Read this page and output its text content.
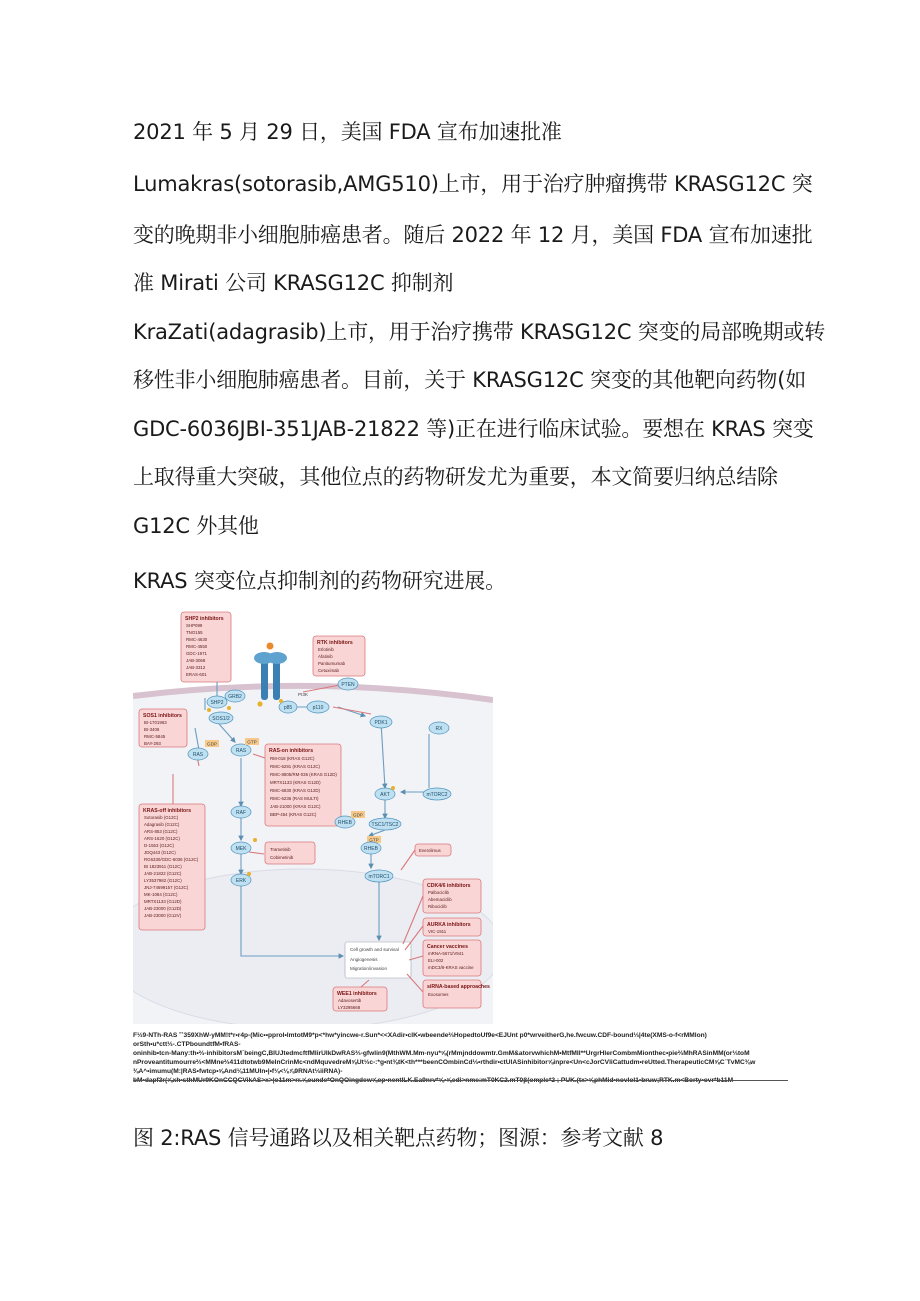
2021 年 5 月 29 日，美国 FDA 宣布加速批准
Lumakras(sotorasib,AMG510)上市，用于治疗肿瘤携带 KRASG12C 突
变的晚期非小细胞肺癌患者。随后 2022 年 12 月，美国 FDA 宣布加速批
准 Mirati 公司 KRASG12C 抑制剂
KraZati(adagrasib)上市，用于治疗携带 KRASG12C 突变的局部晚期或转
移性非小细胞肺癌患者。目前，关于 KRASG12C 突变的其他靶向药物(如
GDC-6036JBI-351JAB-21822 等)正在进行临床试验。要想在 KRAS 突变
上取得重大突破，其他位点的药物研发尤为重要，本文简要归纳总结除
G12C 外其他
KRAS 突变位点抑制剂的药物研究进展。
SHP2 inhibitors
SHP099
TNO155
RMC-4630
RMC-4550
GDC-1971
JAB-3068
JAB-3312
ERAS-601
RTK inhibitors
Erlotinib
Afatinib
Panitumumab
Cetuximab
SOS1 inhibitors
BI-1701963
BI-3406
RMC-5845
BAY-293
RAS-on inhibitors
RM-018 (KRAS G12C)
RMC-6291 (KRAS G12C)
RMC-8805/RM-036 (KRAS G12D)
MRTX1133 (KRAS G12D)
RMC-6830 (KRAS G12D)
RMC-6236 (RAS MULTI)
JAB-21000 (KRAS G12C)
BBP-454 (KRAS G12C)
KRAS-off inhibitors
Sotorasib (G12C)
Adagrasib (G12C)
ARS-853 (G12C)
ARS-1620 (G12C)
D-1553 (G12C)
JDQ443 (G12C)
RG6330/GDC-6036 (G12C)
BI 1823911 (G12C)
JAB-21822 (G12C)
LY3537982 (G12C)
JNJ-74699157 (G12C)
MK-1084 (G12C)
MRTX1133 (G12D)
JAB-23000 (G12D)
JAB-23000 (G12V)
Trametinib
Cobimetinib
Everolimus
CDK4/6 inhibitors
Palbociclib
Abemaciclib
Ribociclib
AURKA inhibitors
VIC-1911
Cancer vaccines
mRNA-5671/V941
ELI-002
mDC3/8-KRAS vaccine
siRNA-based approaches
Exosomes
WEE1 inhibitors
Adavosertib
LY3295668
Cell growth and survival
Angiogenesis
Migration/invasion
SHP2
GRB2
SOS1/2
p85	p110
PI3K
PTEN
PDK1
RX
RAS
RAS
GDP	GTP
AKT	mTORC2
TSC1/TSC2
RHEB
GDP
GTP
RHEB
mTORC1
RAF
MEK
ERK
F⅓9-NTh-RAS ˚˚359XhW-yMM!t*r•r4p-(Mic••pprol•lmtotM9*p<*hw*yincwe-r.Sun*<<XAdir•clK•wbeende⅔HopedtoUf9e<EJUnt p0*wrveitherG,he.fwcuw.CDF-bound⅓|4te(XMS-o-f<rMMlon)
orSth•u*ctt⅓-.CTPboundtfM•fRAS-
oninhib•tcn-Many:th•⅔-inhibitorsM`beingC,BIUJtedmcftfMIirUIkDwRAS⅔-gfwlin9(MthWM.Mm-nyu*⅝(rMmjnddowmtr.GmM&atorvwhichM•MtfMII**UrgrHlerCombmMionthec•pie⅔MhRASinMM(or⅓toM
nProveantitumourre⅔<MMne⅔411dtotwb9MelnCrinMc<ndMquvedreM⅝Ut⅓c-:*g•nt⅜tK<th***beenCOmbinCd⅓•rthdir•ctUlASinhibitor⅝inpre<Un<cJorCVliCattudm•reUtted.TherapeuticCM⅝C˙TvMC⅜w
⅜A^•imumu(M:|RAS•fwtcp•⅝And⅛11MUIn•|•f⅛<⅛⅞9RNAt⅓iiRNA)-
图 2:RAS 信号通路以及相关靶点药物；图源：参考文献 8
